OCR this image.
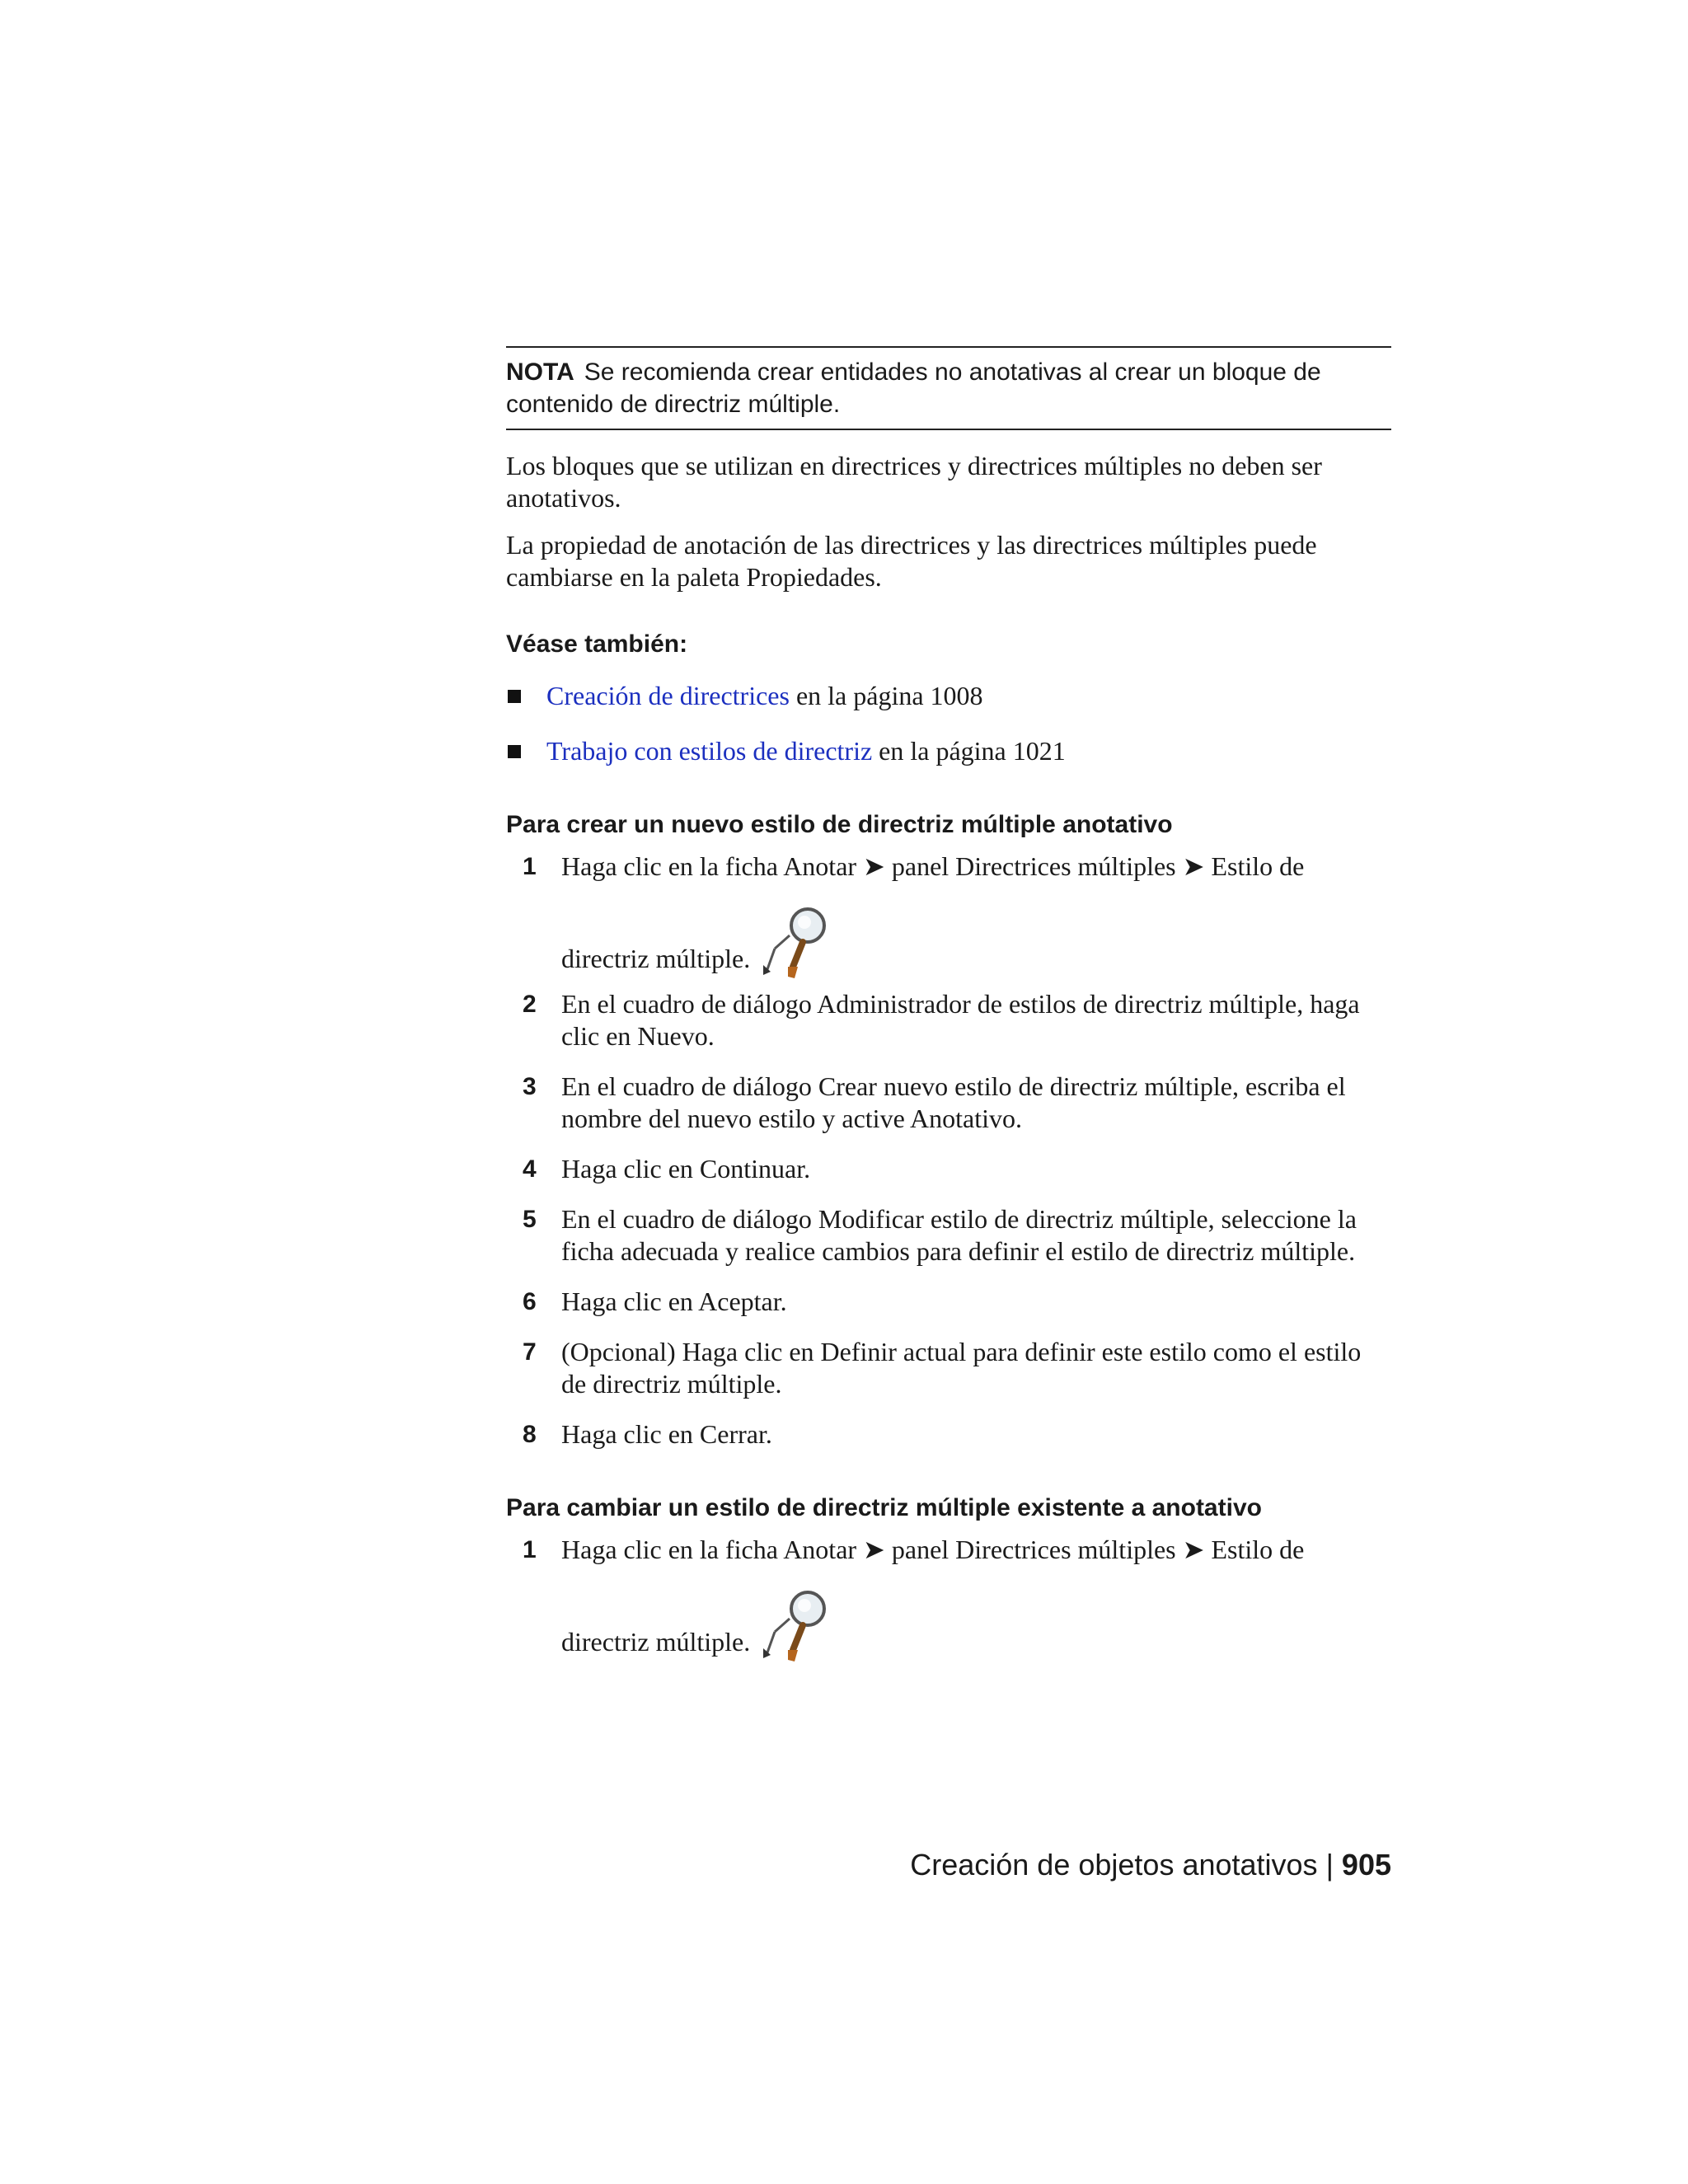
NOTA Se recomienda crear entidades no anotativas al crear un bloque de contenido de directriz múltiple.

Los bloques que se utilizan en directrices y directrices múltiples no deben ser anotativos.

La propiedad de anotación de las directrices y las directrices múltiples puede cambiarse en la paleta Propiedades.

Véase también:
Creación de directrices en la página 1008
Trabajo con estilos de directriz en la página 1021
Para crear un nuevo estilo de directriz múltiple anotativo
1 Haga clic en la ficha Anotar ➤ panel Directrices múltiples ➤ Estilo de
directriz múltiple.
2 En el cuadro de diálogo Administrador de estilos de directriz múltiple, haga clic en Nuevo.
3 En el cuadro de diálogo Crear nuevo estilo de directriz múltiple, escriba el nombre del nuevo estilo y active Anotativo.
4 Haga clic en Continuar.
5 En el cuadro de diálogo Modificar estilo de directriz múltiple, seleccione la ficha adecuada y realice cambios para definir el estilo de directriz múltiple.
6 Haga clic en Aceptar.
7 (Opcional) Haga clic en Definir actual para definir este estilo como el estilo de directriz múltiple.
8 Haga clic en Cerrar.
Para cambiar un estilo de directriz múltiple existente a anotativo
1 Haga clic en la ficha Anotar ➤ panel Directrices múltiples ➤ Estilo de
directriz múltiple.
Creación de objetos anotativos | 905
